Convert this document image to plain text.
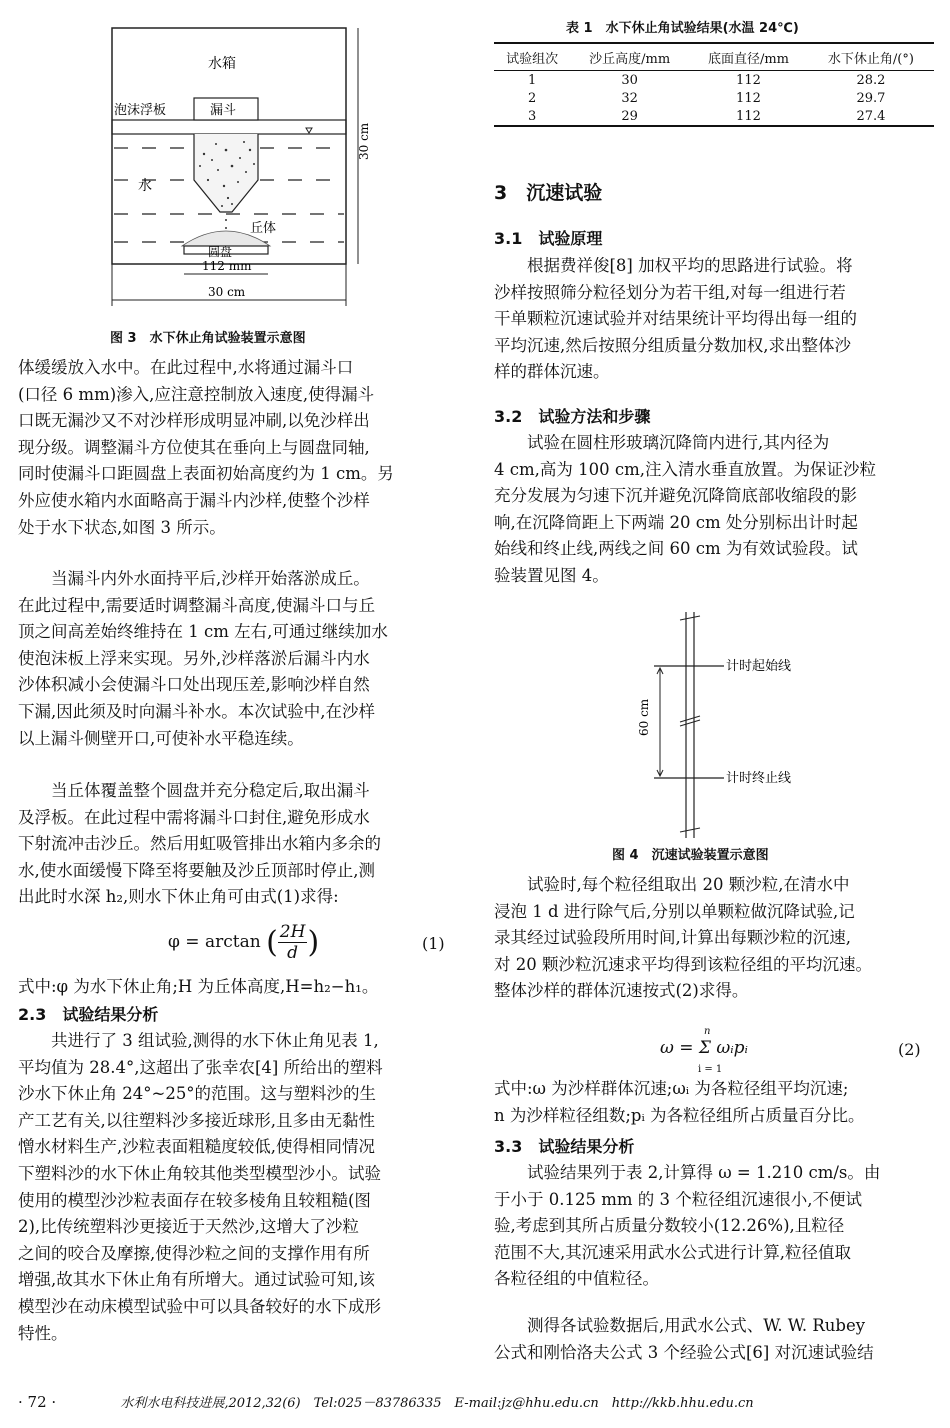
水箱
泡沫浮板	漏斗
水
丘体
圆盘
112 mm
30 cm
30 cm
图 3　水下休止角试验装置示意图
体缓缓放入水中。在此过程中,水将通过漏斗口
(口径 6 mm)渗入,应注意控制放入速度,使得漏斗
口既无漏沙又不对沙样形成明显冲刷,以免沙样出
现分级。调整漏斗方位使其在垂向上与圆盘同轴,
同时使漏斗口距圆盘上表面初始高度约为 1 cm。另
外应使水箱内水面略高于漏斗内沙样,使整个沙样
处于水下状态,如图 3 所示。
　　当漏斗内外水面持平后,沙样开始落淤成丘。
在此过程中,需要适时调整漏斗高度,使漏斗口与丘
顶之间高差始终维持在 1 cm 左右,可通过继续加水
使泡沫板上浮来实现。另外,沙样落淤后漏斗内水
沙体积减小会使漏斗口处出现压差,影响沙样自然
下漏,因此须及时向漏斗补水。本次试验中,在沙样
以上漏斗侧壁开口,可使补水平稳连续。
　　当丘体覆盖整个圆盘并充分稳定后,取出漏斗
及浮板。在此过程中需将漏斗口封住,避免形成水
下射流冲击沙丘。然后用虹吸管排出水箱内多余的
水,使水面缓慢下降至将要触及沙丘顶部时停止,测
出此时水深 h₂,则水下休止角可由式(1)求得:
φ = arctan ( $\frac{2H}{d}$ )	(1)
式中:φ 为水下休止角;H 为丘体高度,H=h₂−h₁。
2.3　试验结果分析
　　共进行了 3 组试验,测得的水下休止角见表 1,
平均值为 28.4°,这超出了张幸农[4] 所给出的塑料
沙水下休止角 24°~25°的范围。这与塑料沙的生
产工艺有关,以往塑料沙多接近球形,且多由无黏性
憎水材料生产,沙粒表面粗糙度较低,使得相同情况
下塑料沙的水下休止角较其他类型模型沙小。试验
使用的模型沙沙粒表面存在较多棱角且较粗糙(图
2),比传统塑料沙更接近于天然沙,这增大了沙粒
之间的咬合及摩擦,使得沙粒之间的支撑作用有所
增强,故其水下休止角有所增大。通过试验可知,该
模型沙在动床模型试验中可以具备较好的水下成形
特性。
表 1　水下休止角试验结果(水温 24℃)
试验组次	沙丘高度/mm	底面直径/mm	水下休止角/(°)
1	30	112	28.2
2	32	112	29.7
3	29	112	27.4
3　沉速试验
3.1　试验原理
　　根据费祥俊[8] 加权平均的思路进行试验。将
沙样按照筛分粒径划分为若干组,对每一组进行若
干单颗粒沉速试验并对结果统计平均得出每一组的
平均沉速,然后按照分组质量分数加权,求出整体沙
样的群体沉速。
3.2　试验方法和步骤
　　试验在圆柱形玻璃沉降筒内进行,其内径为
4 cm,高为 100 cm,注入清水垂直放置。为保证沙粒
充分发展为匀速下沉并避免沉降筒底部收缩段的影
响,在沉降筒距上下两端 20 cm 处分别标出计时起
始线和终止线,两线之间 60 cm 为有效试验段。试
验装置见图 4。
计时起始线
计时终止线
60 cm
图 4　沉速试验装置示意图
　　试验时,每个粒径组取出 20 颗沙粒,在清水中
浸泡 1 d 进行除气后,分别以单颗粒做沉降试验,记
录其经过试验段所用时间,计算出每颗沙粒的沉速,
对 20 颗沙粒沉速求平均得到该粒径组的平均沉速。
整体沙样的群体沉速按式(2)求得。
n
ω = Σ ωᵢpᵢ
i = 1
(2)
式中:ω 为沙样群体沉速;ωᵢ 为各粒径组平均沉速;
n 为沙样粒径组数;pᵢ 为各粒径组所占质量百分比。
3.3　试验结果分析
　　试验结果列于表 2,计算得 ω = 1.210 cm/s。由
于小于 0.125 mm 的 3 个粒径组沉速很小,不便试
验,考虑到其所占质量分数较小(12.26%),且粒径
范围不大,其沉速采用武水公式进行计算,粒径值取
各粒径组的中值粒径。
　　测得各试验数据后,用武水公式、W. W. Rubey
公式和刚恰洛夫公式 3 个经验公式[6] 对沉速试验结
· 72 ·	水利水电科技进展,2012,32(6)　Tel:025－83786335　E-mail:jz@hhu.edu.cn　http://kkb.hhu.edu.cn
